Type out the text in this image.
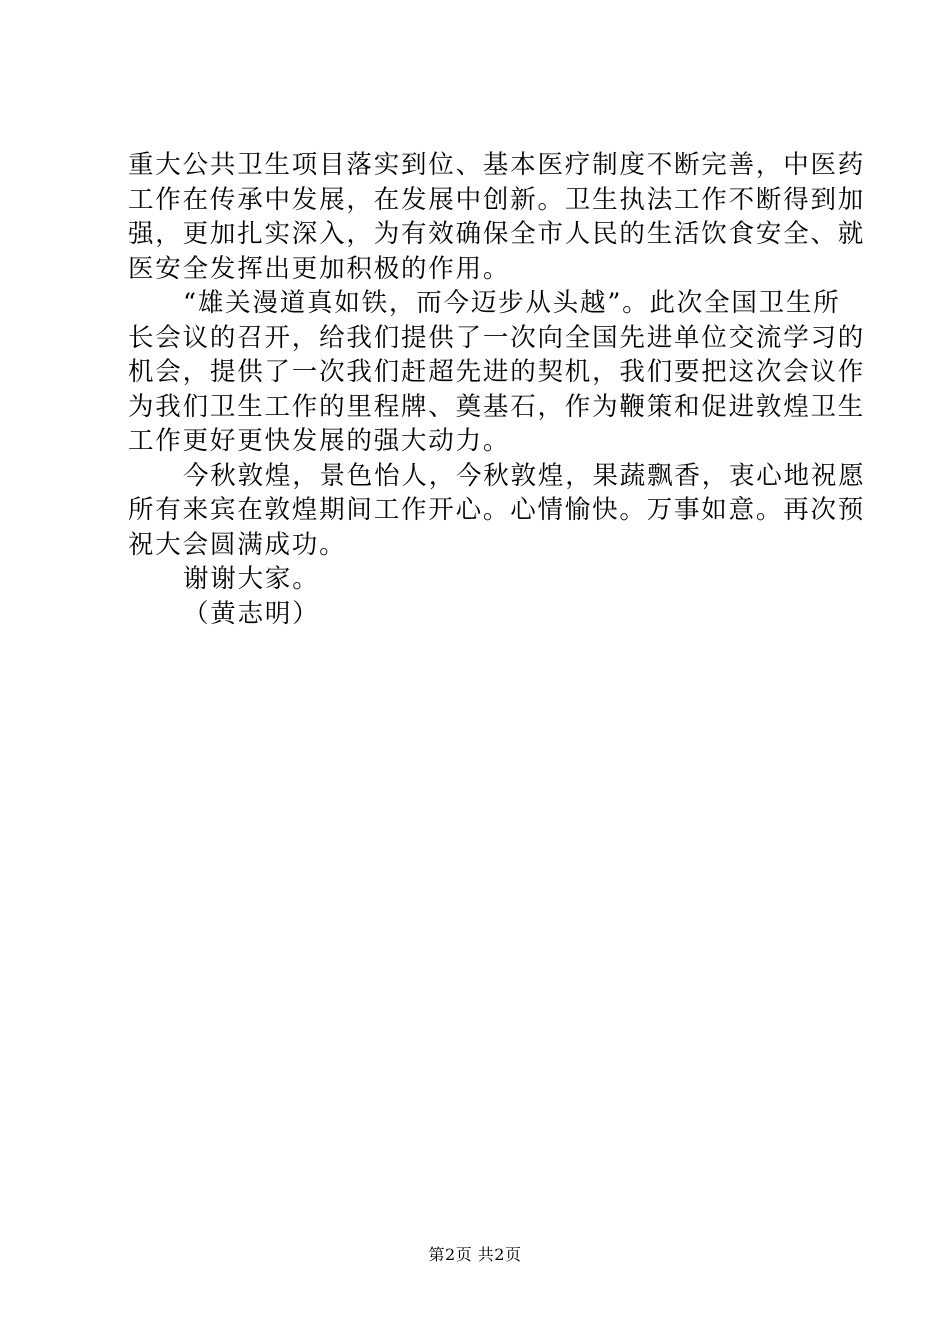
重大公共卫生项目落实到位、基本医疗制度不断完善，中医药
工作在传承中发展，在发展中创新。卫生执法工作不断得到加
强，更加扎实深入，为有效确保全市人民的生活饮食安全、就
医安全发挥出更加积极的作用。

“雄关漫道真如铁，而今迈步从头越”。此次全国卫生所
长会议的召开，给我们提供了一次向全国先进单位交流学习的
机会，提供了一次我们赶超先进的契机，我们要把这次会议作
为我们卫生工作的里程牌、奠基石，作为鞭策和促进敦煌卫生
工作更好更快发展的强大动力。

今秋敦煌，景色怡人，今秋敦煌，果蔬飘香，衷心地祝愿
所有来宾在敦煌期间工作开心。心情愉快。万事如意。再次预
祝大会圆满成功。

谢谢大家。

（黄志明）

第2页 共2页
